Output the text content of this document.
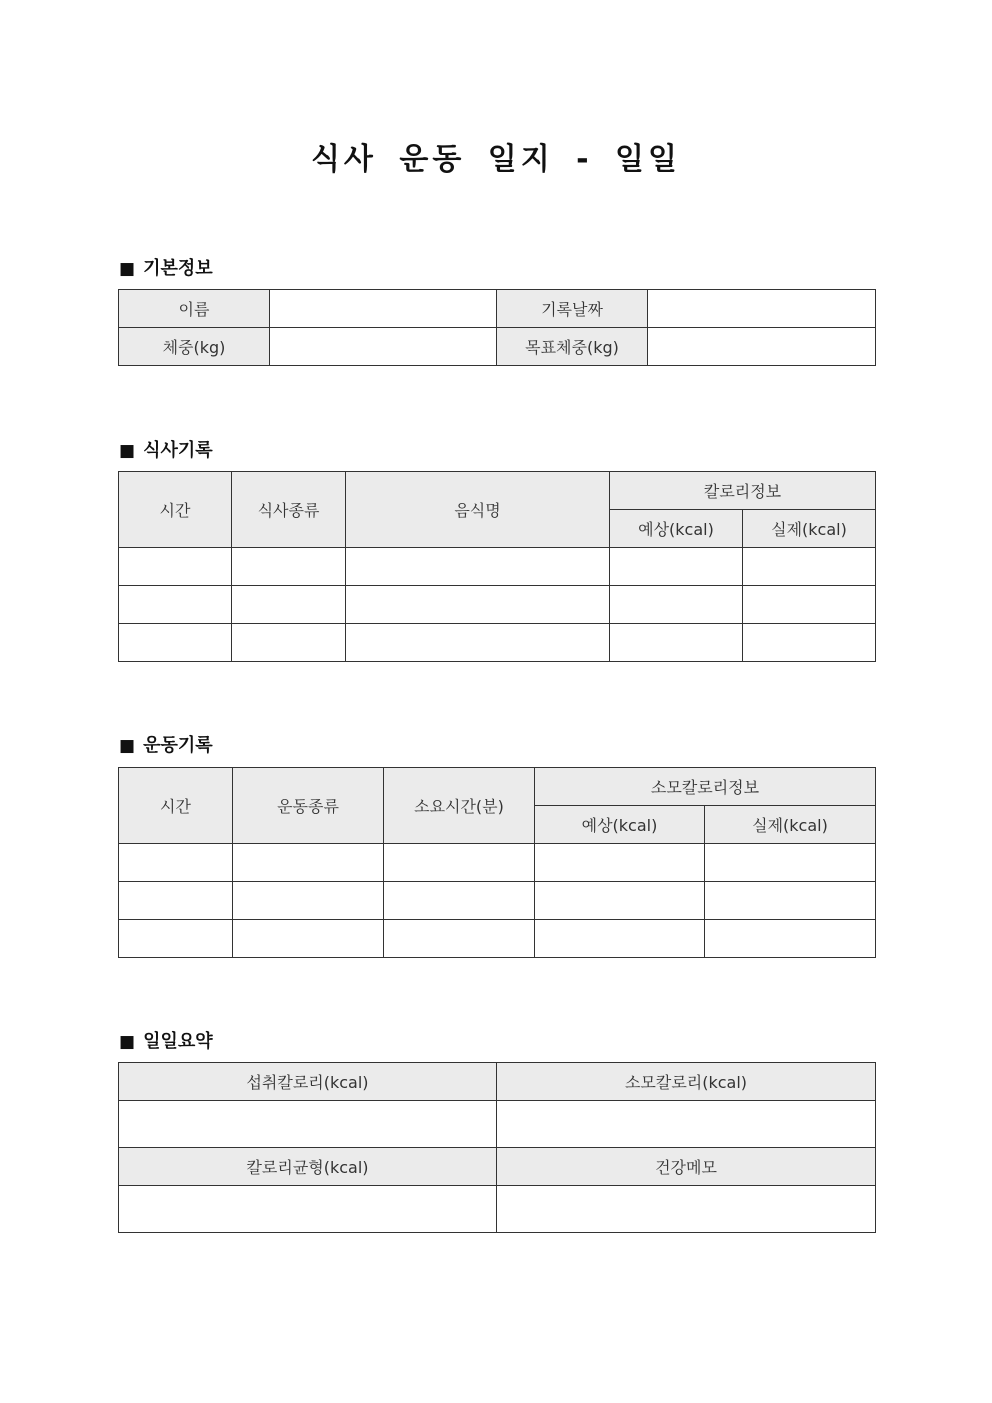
식사 운동 일지 - 일일
■ 기본정보
이름		기록날짜	
체중(kg)		목표체중(kg)	
■ 식사기록
시간	식사종류	음식명	칼로리정보	
			예상(kcal)	실제(kcal)

■ 운동기록
시간	운동종류	소요시간(분)	소모칼로리정보	
			예상(kcal)	실제(kcal)

■ 일일요약
섭취칼로리(kcal)	소모칼로리(kcal)

칼로리균형(kcal)	건강메모
